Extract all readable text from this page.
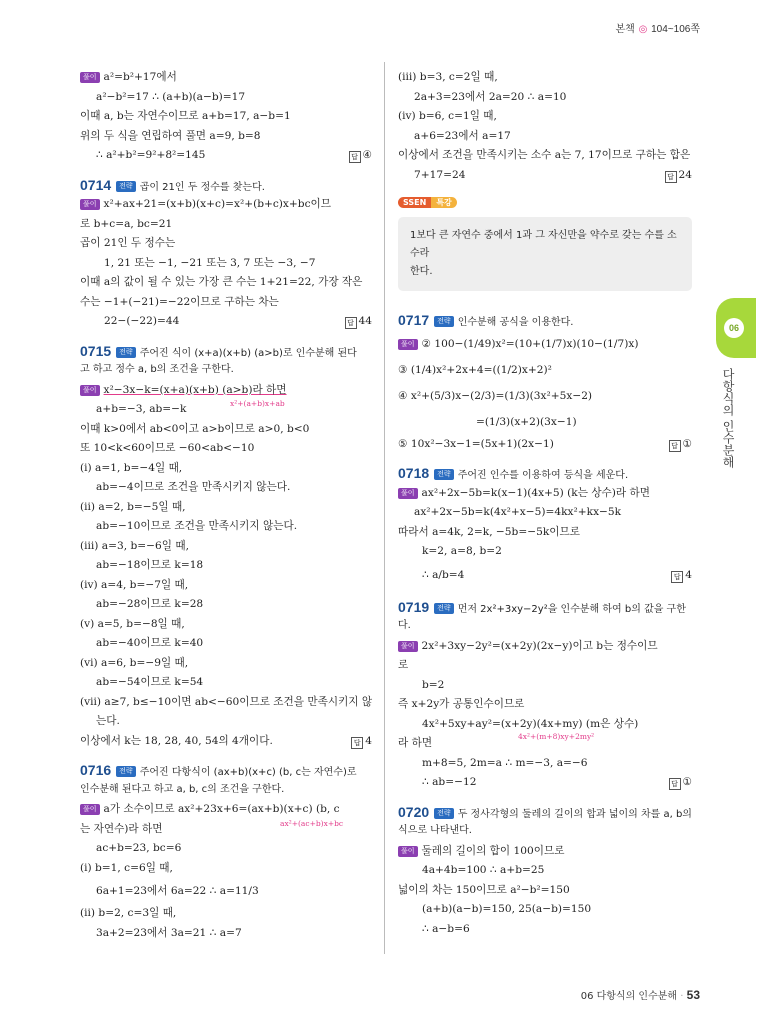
본책 ◎ 104~106쪽
06
다항식의 인수분해
풀이 a²=b²+17에서
a²−b²=17 ∴ (a+b)(a−b)=17
이때 a, b는 자연수이므로 a+b=17, a−b=1
위의 두 식을 연립하여 풀면 a=9, b=8
∴ a²+b²=9²+8²=145	답 ④
0714 전략 곱이 21인 두 정수를 찾는다.
풀이 x²+ax+21=(x+b)(x+c)=x²+(b+c)x+bc이므
로 b+c=a, bc=21
곱이 21인 두 정수는
1, 21 또는 −1, −21 또는 3, 7 또는 −3, −7
이때 a의 값이 될 수 있는 가장 큰 수는 1+21=22, 가장 작은
수는 −1+(−21)=−22이므로 구하는 차는
22−(−22)=44	답 44
0715 전략 주어진 식이 (x+a)(x+b) (a>b)로 인수분해 된다
고 하고 정수 a, b의 조건을 구한다.
풀이 x²−3x−k=(x+a)(x+b) (a>b)라 하면
a+b=−3, ab=−k	x²+(a+b)x+ab
이때 k>0에서 ab<0이고 a>b이므로 a>0, b<0
또 10<k<60이므로 −60<ab<−10
(ⅰ) a=1, b=−4일 때,
ab=−4이므로 조건을 만족시키지 않는다.
(ⅱ) a=2, b=−5일 때,
ab=−10이므로 조건을 만족시키지 않는다.
(ⅲ) a=3, b=−6일 때,
ab=−18이므로 k=18
(ⅳ) a=4, b=−7일 때,
ab=−28이므로 k=28
(ⅴ) a=5, b=−8일 때,
ab=−40이므로 k=40
(ⅵ) a=6, b=−9일 때,
ab=−54이므로 k=54
(ⅶ) a≥7, b≤−10이면 ab<−60이므로 조건을 만족시키지 않
는다.
이상에서 k는 18, 28, 40, 54의 4개이다.	답 4
0716 전략 주어진 다항식이 (ax+b)(x+c) (b, c는 자연수)로
인수분해 된다고 하고 a, b, c의 조건을 구한다.
풀이 a가 소수이므로 ax²+23x+6=(ax+b)(x+c) (b, c
는 자연수)라 하면	ax²+(ac+b)x+bc
ac+b=23, bc=6
(ⅰ) b=1, c=6일 때,
6a+1=23에서 6a=22 ∴ a=11/3
(ⅱ) b=2, c=3일 때,
3a+2=23에서 3a=21 ∴ a=7
(ⅲ) b=3, c=2일 때,
2a+3=23에서 2a=20 ∴ a=10
(ⅳ) b=6, c=1일 때,
a+6=23에서 a=17
이상에서 조건을 만족시키는 소수 a는 7, 17이므로 구하는 합은
7+17=24	답 24
SSEN 특강
1보다 큰 자연수 중에서 1과 그 자신만을 약수로 갖는 수를 소수라
한다.
0717 전략 인수분해 공식을 이용한다.
풀이 ② 100−(1/49)x²=(10+(1/7)x)(10−(1/7)x)
③ (1/4)x²+2x+4=((1/2)x+2)²
④ x²+(5/3)x−(2/3)=(1/3)(3x²+5x−2)
=(1/3)(x+2)(3x−1)
⑤ 10x²−3x−1=(5x+1)(2x−1)	답 ①
0718 전략 주어진 인수를 이용하여 등식을 세운다.
풀이 ax²+2x−5b=k(x−1)(4x+5) (k는 상수)라 하면
ax²+2x−5b=k(4x²+x−5)=4kx²+kx−5k
따라서 a=4k, 2=k, −5b=−5k이므로
k=2, a=8, b=2
∴ a/b=4	답 4
0719 전략 먼저 2x²+3xy−2y²을 인수분해 하여 b의 값을 구한
다.
풀이 2x²+3xy−2y²=(x+2y)(2x−y)이고 b는 정수이므
로
b=2
즉 x+2y가 공통인수이므로
4x²+5xy+ay²=(x+2y)(4x+my) (m은 상수)
4x²+(m+8)xy+2my²
라 하면
m+8=5, 2m=a ∴ m=−3, a=−6
∴ ab=−12	답 ①
0720 전략 두 정사각형의 둘레의 길이의 합과 넓이의 차를 a, b의
식으로 나타낸다.
풀이 둘레의 길이의 합이 100이므로
4a+4b=100 ∴ a+b=25
넓이의 차는 150이므로 a²−b²=150
(a+b)(a−b)=150, 25(a−b)=150
∴ a−b=6
06 다항식의 인수분해 · 53
